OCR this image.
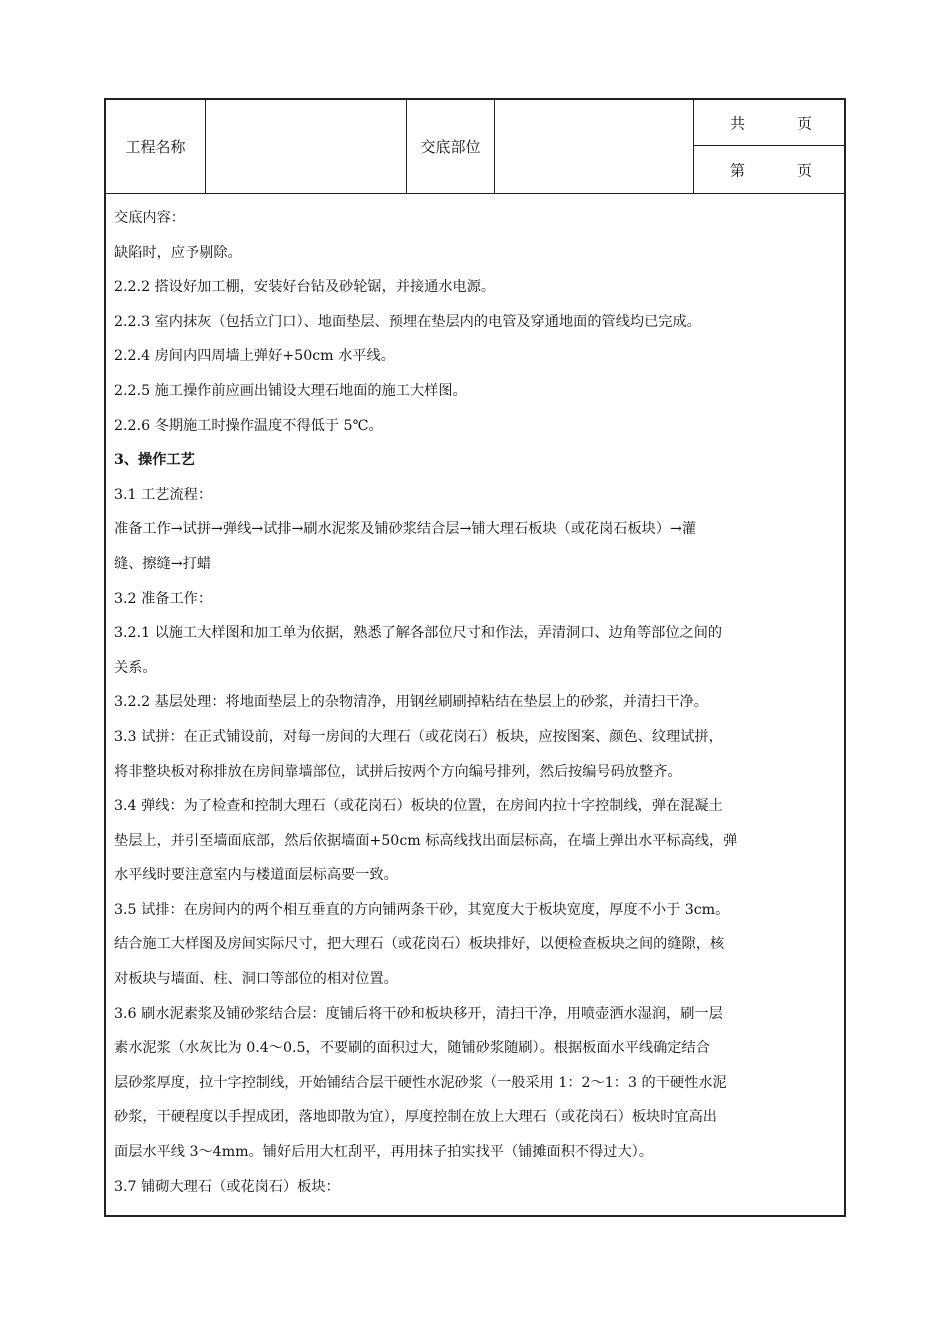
工程名称	交底部位
共	页
第	页

交底内容：

缺陷时，应予剔除。

2.2.2 搭设好加工棚，安装好台钻及砂轮锯，并接通水电源。

2.2.3 室内抹灰（包括立门口）、地面垫层、预埋在垫层内的电管及穿通地面的管线均已完成。

2.2.4 房间内四周墙上弹好+50cm 水平线。

2.2.5 施工操作前应画出铺设大理石地面的施工大样图。

2.2.6 冬期施工时操作温度不得低于 5℃。

3、操作工艺

3.1 工艺流程：

准备工作→试拼→弹线→试排→刷水泥浆及铺砂浆结合层→铺大理石板块（或花岗石板块）→灌

缝、擦缝→打蜡

3.2 准备工作：

3.2.1 以施工大样图和加工单为依据，熟悉了解各部位尺寸和作法，弄清洞口、边角等部位之间的

关系。

3.2.2 基层处理：将地面垫层上的杂物清净，用钢丝刷刷掉粘结在垫层上的砂浆，并清扫干净。

3.3 试拼：在正式铺设前，对每一房间的大理石（或花岗石）板块，应按图案、颜色、纹理试拼，

将非整块板对称排放在房间靠墙部位，试拼后按两个方向编号排列，然后按编号码放整齐。

3.4 弹线：为了检查和控制大理石（或花岗石）板块的位置，在房间内拉十字控制线，弹在混凝土

垫层上，并引至墙面底部，然后依据墙面+50cm 标高线找出面层标高，在墙上弹出水平标高线，弹

水平线时要注意室内与楼道面层标高要一致。

3.5 试排：在房间内的两个相互垂直的方向铺两条干砂，其宽度大于板块宽度，厚度不小于 3cm。

结合施工大样图及房间实际尺寸，把大理石（或花岗石）板块排好，以便检查板块之间的缝隙，核

对板块与墙面、柱、洞口等部位的相对位置。

3.6 刷水泥素浆及铺砂浆结合层：度铺后将干砂和板块移开，清扫干净，用喷壶洒水湿润，刷一层

素水泥浆（水灰比为 0.4～0.5，不要刷的面积过大，随铺砂浆随刷）。根据板面水平线确定结合

层砂浆厚度，拉十字控制线，开始铺结合层干硬性水泥砂浆（一般采用 1：2～1：3 的干硬性水泥

砂浆，干硬程度以手捏成团，落地即散为宜），厚度控制在放上大理石（或花岗石）板块时宜高出

面层水平线 3～4mm。铺好后用大杠刮平，再用抹子拍实找平（铺摊面积不得过大）。

3.7 铺砌大理石（或花岗石）板块：
